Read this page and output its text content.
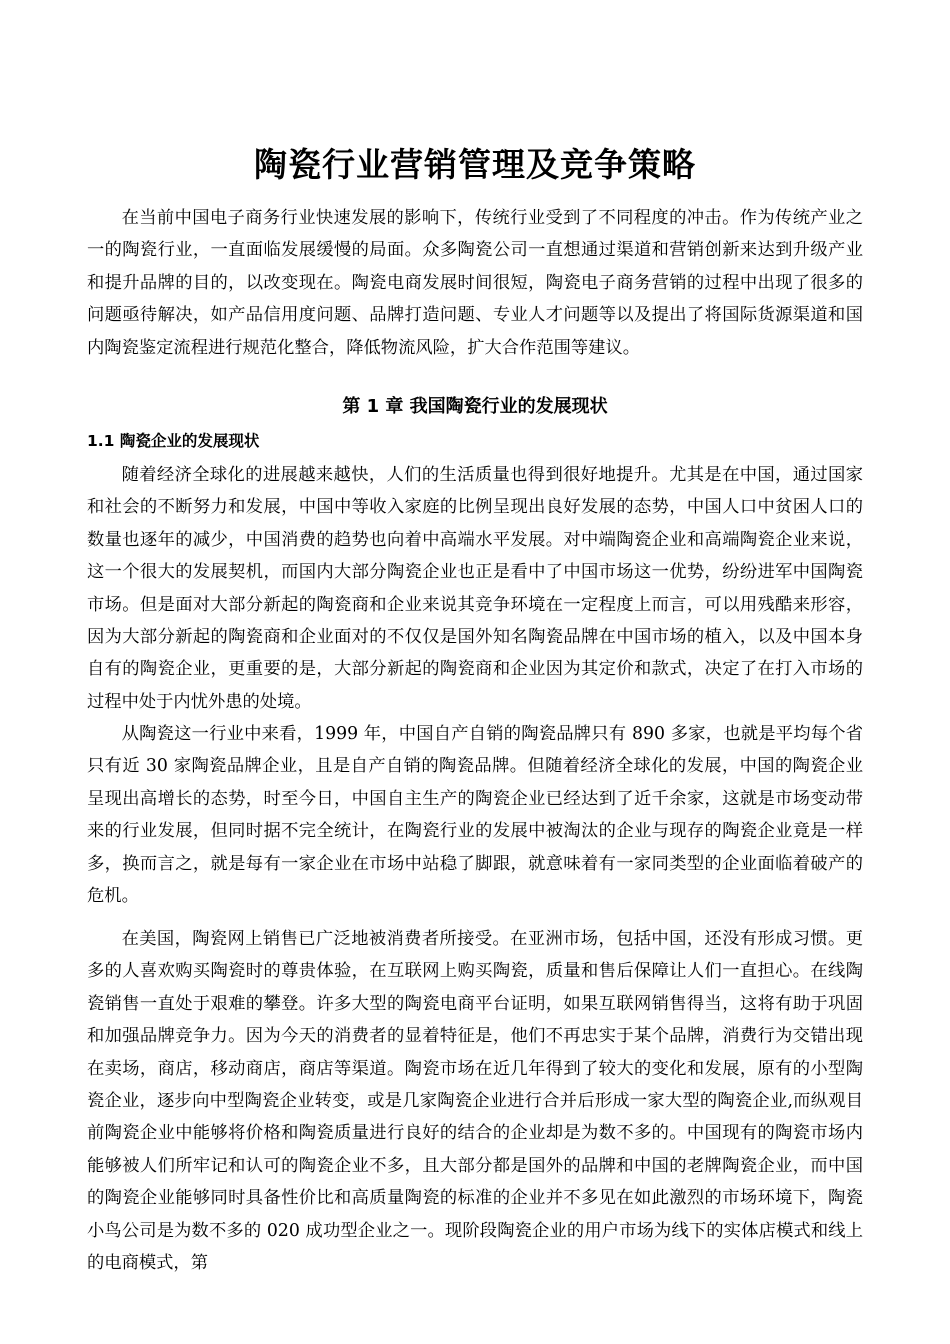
陶瓷行业营销管理及竞争策略

在当前中国电子商务行业快速发展的影响下，传统行业受到了不同程度的冲击。作为传统产业之一的陶瓷行业，一直面临发展缓慢的局面。众多陶瓷公司一直想通过渠道和营销创新来达到升级产业和提升品牌的目的，以改变现在。陶瓷电商发展时间很短，陶瓷电子商务营销的过程中出现了很多的问题亟待解决，如产品信用度问题、品牌打造问题、专业人才问题等以及提出了将国际货源渠道和国内陶瓷鉴定流程进行规范化整合，降低物流风险，扩大合作范围等建议。

第 1 章 我国陶瓷行业的发展现状
1.1 陶瓷企业的发展现状

随着经济全球化的进展越来越快，人们的生活质量也得到很好地提升。尤其是在中国，通过国家和社会的不断努力和发展，中国中等收入家庭的比例呈现出良好发展的态势，中国人口中贫困人口的数量也逐年的减少，中国消费的趋势也向着中高端水平发展。对中端陶瓷企业和高端陶瓷企业来说，这一个很大的发展契机，而国内大部分陶瓷企业也正是看中了中国市场这一优势，纷纷进军中国陶瓷市场。但是面对大部分新起的陶瓷商和企业来说其竞争环境在一定程度上而言，可以用残酷来形容，因为大部分新起的陶瓷商和企业面对的不仅仅是国外知名陶瓷品牌在中国市场的植入，以及中国本身自有的陶瓷企业，更重要的是，大部分新起的陶瓷商和企业因为其定价和款式，决定了在打入市场的过程中处于内忧外患的处境。

从陶瓷这一行业中来看，1999 年，中国自产自销的陶瓷品牌只有 890 多家，也就是平均每个省只有近 30 家陶瓷品牌企业，且是自产自销的陶瓷品牌。但随着经济全球化的发展，中国的陶瓷企业呈现出高增长的态势，时至今日，中国自主生产的陶瓷企业已经达到了近千余家，这就是市场变动带来的行业发展，但同时据不完全统计，在陶瓷行业的发展中被淘汰的企业与现存的陶瓷企业竟是一样多，换而言之，就是每有一家企业在市场中站稳了脚跟，就意味着有一家同类型的企业面临着破产的危机。

在美国，陶瓷网上销售已广泛地被消费者所接受。在亚洲市场，包括中国，还没有形成习惯。更多的人喜欢购买陶瓷时的尊贵体验，在互联网上购买陶瓷，质量和售后保障让人们一直担心。在线陶瓷销售一直处于艰难的攀登。许多大型的陶瓷电商平台证明，如果互联网销售得当，这将有助于巩固和加强品牌竞争力。因为今天的消费者的显着特征是，他们不再忠实于某个品牌，消费行为交错出现在卖场，商店，移动商店，商店等渠道。陶瓷市场在近几年得到了较大的变化和发展，原有的小型陶瓷企业，逐步向中型陶瓷企业转变，或是几家陶瓷企业进行合并后形成一家大型的陶瓷企业,而纵观目前陶瓷企业中能够将价格和陶瓷质量进行良好的结合的企业却是为数不多的。中国现有的陶瓷市场内能够被人们所牢记和认可的陶瓷企业不多，且大部分都是国外的品牌和中国的老牌陶瓷企业，而中国的陶瓷企业能够同时具备性价比和高质量陶瓷的标准的企业并不多见在如此激烈的市场环境下，陶瓷小鸟公司是为数不多的 020 成功型企业之一。现阶段陶瓷企业的用户市场为线下的实体店模式和线上的电商模式，第
